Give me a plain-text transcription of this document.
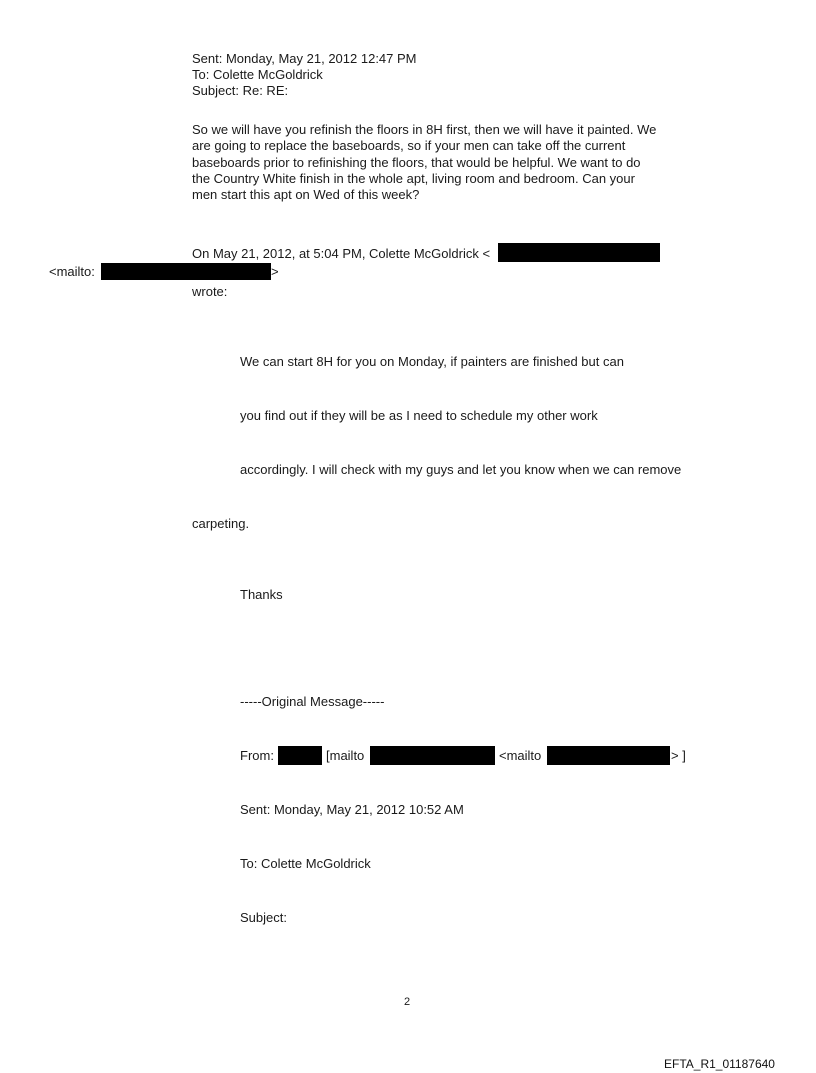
Sent: Monday, May 21, 2012 12:47 PM
To: Colette McGoldrick
Subject: Re: RE:
So we will have you refinish the floors in 8H first, then we will have it painted. We are going to replace the baseboards, so if your men can take off the current baseboards prior to refinishing the floors, that would be helpful. We want to do the Country White finish in the whole apt, living room and bedroom. Can your men start this apt on Wed of this week?
On May 21, 2012, at 5:04 PM, Colette McGoldrick <
<mailto:	>
wrote:
We can start 8H for you on Monday, if painters are finished but can
you find out if they will be as I need to schedule my other work
accordingly. I will check with my guys and let you know when we can remove
carpeting.
Thanks
-----Original Message-----
From:	[mailto	<mailto	> ]
Sent: Monday, May 21, 2012 10:52 AM
To: Colette McGoldrick
Subject:
2
EFTA_R1_01187640
